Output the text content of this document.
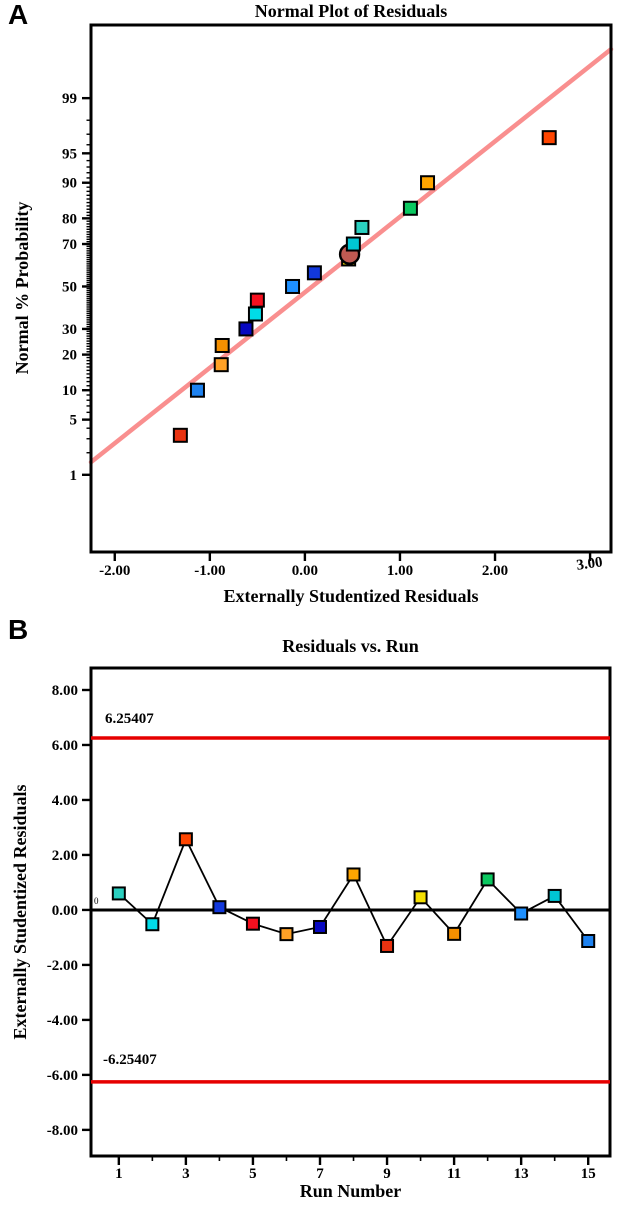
1
5
10
20
30
50
70
80
90
95
99
-2.00	-1.00	0.00	1.00	2.00	3.00
8.00
6.00
4.00
2.00
0.00
-2.00
-4.00
-6.00
-8.00
1	3	5	7	9	11	13	15
A	Normal Plot of Residuals
Normal % Probability
Externally Studentized Residuals
B
Residuals vs. Run
Externally Studentized Residuals
Run Number
6.25407
-6.25407
0
